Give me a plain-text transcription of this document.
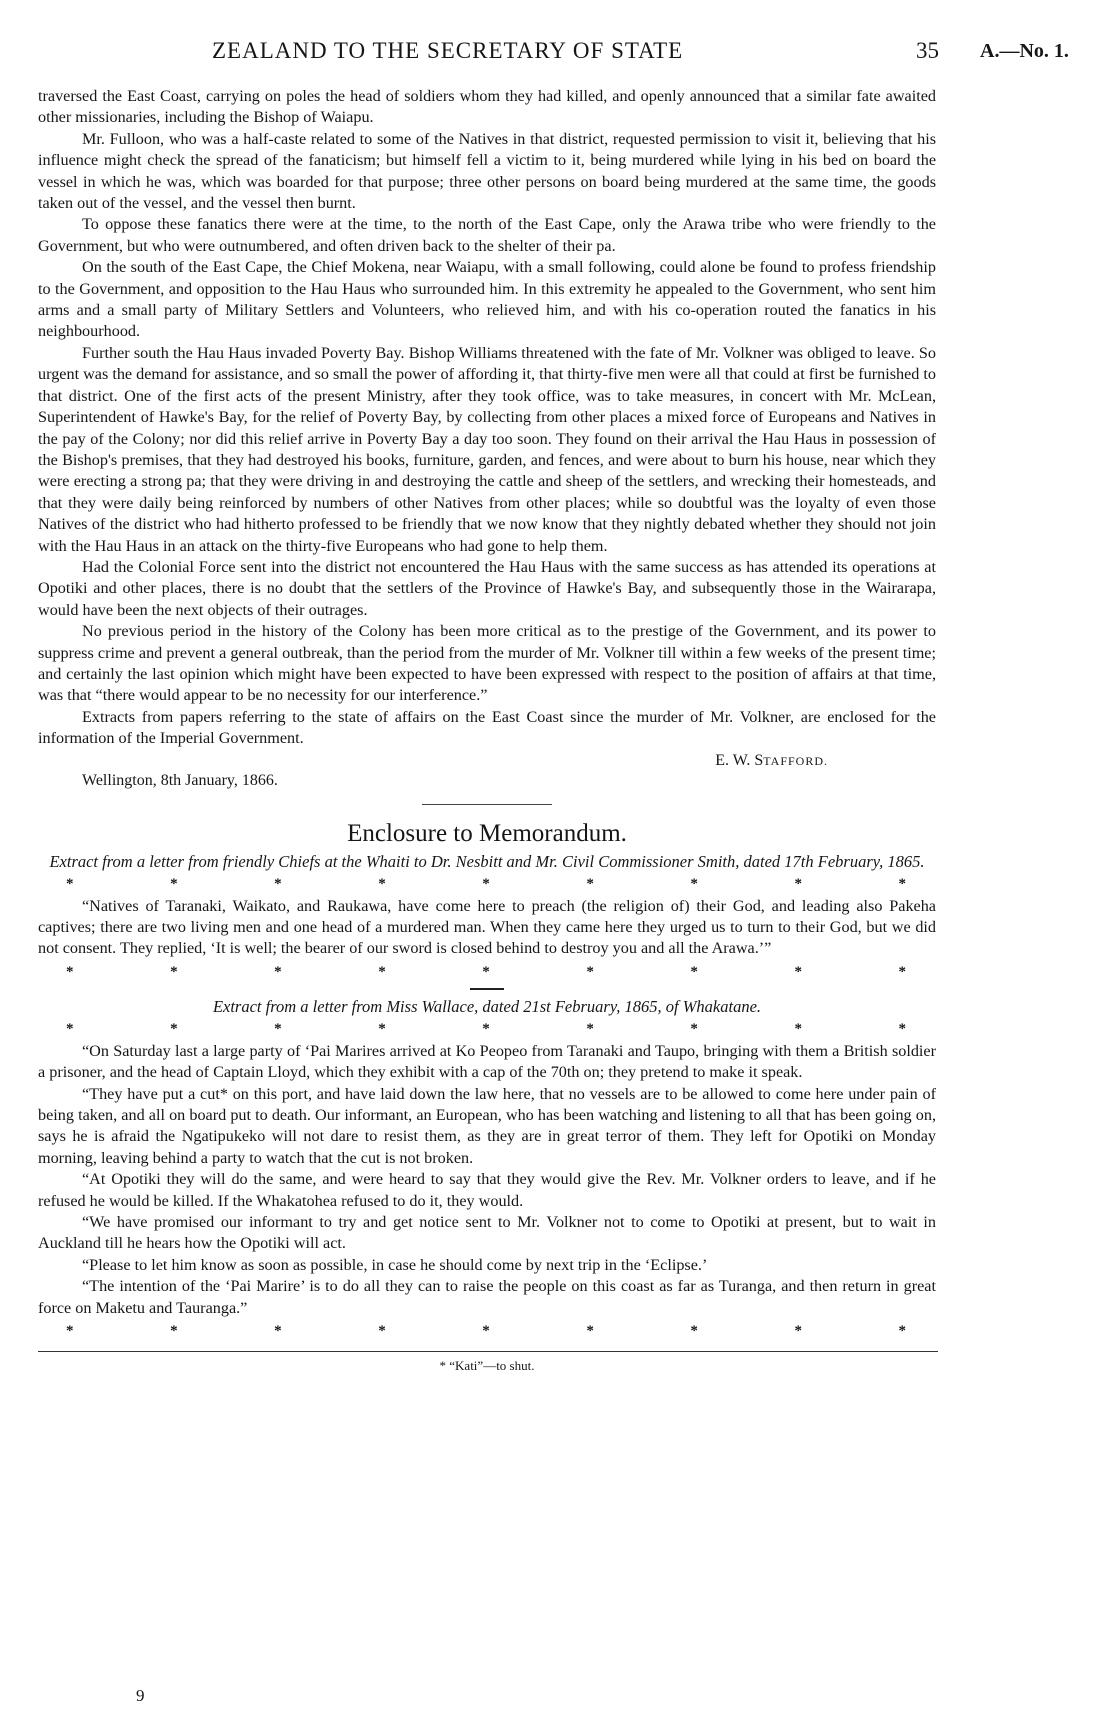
ZEALAND TO THE SECRETARY OF STATE	35 A.—No. 1.

traversed the East Coast, carrying on poles the head of soldiers whom they had killed, and openly announced that a similar fate awaited other missionaries, including the Bishop of Waiapu.

Mr. Fulloon, who was a half-caste related to some of the Natives in that district, requested permission to visit it, believing that his influence might check the spread of the fanaticism; but himself fell a victim to it, being murdered while lying in his bed on board the vessel in which he was, which was boarded for that purpose; three other persons on board being murdered at the same time, the goods taken out of the vessel, and the vessel then burnt.

To oppose these fanatics there were at the time, to the north of the East Cape, only the Arawa tribe who were friendly to the Government, but who were outnumbered, and often driven back to the shelter of their pa.

On the south of the East Cape, the Chief Mokena, near Waiapu, with a small following, could alone be found to profess friendship to the Government, and opposition to the Hau Haus who surrounded him. In this extremity he appealed to the Government, who sent him arms and a small party of Military Settlers and Volunteers, who relieved him, and with his co-operation routed the fanatics in his neighbourhood.

Further south the Hau Haus invaded Poverty Bay. Bishop Williams threatened with the fate of Mr. Volkner was obliged to leave. So urgent was the demand for assistance, and so small the power of affording it, that thirty-five men were all that could at first be furnished to that district. One of the first acts of the present Ministry, after they took office, was to take measures, in concert with Mr. McLean, Superintendent of Hawke's Bay, for the relief of Poverty Bay, by collecting from other places a mixed force of Europeans and Natives in the pay of the Colony; nor did this relief arrive in Poverty Bay a day too soon. They found on their arrival the Hau Haus in possession of the Bishop's premises, that they had destroyed his books, furniture, garden, and fences, and were about to burn his house, near which they were erecting a strong pa; that they were driving in and destroying the cattle and sheep of the settlers, and wrecking their homesteads, and that they were daily being reinforced by numbers of other Natives from other places; while so doubtful was the loyalty of even those Natives of the district who had hitherto professed to be friendly that we now know that they nightly debated whether they should not join with the Hau Haus in an attack on the thirty-five Europeans who had gone to help them.

Had the Colonial Force sent into the district not encountered the Hau Haus with the same success as has attended its operations at Opotiki and other places, there is no doubt that the settlers of the Province of Hawke's Bay, and subsequently those in the Wairarapa, would have been the next objects of their outrages.

No previous period in the history of the Colony has been more critical as to the prestige of the Government, and its power to suppress crime and prevent a general outbreak, than the period from the murder of Mr. Volkner till within a few weeks of the present time; and certainly the last opinion which might have been expected to have been expressed with respect to the position of affairs at that time, was that “there would appear to be no necessity for our interference.”

Extracts from papers referring to the state of affairs on the East Coast since the murder of Mr. Volkner, are enclosed for the information of the Imperial Government.

E. W. STAFFORD.
Wellington, 8th January, 1866.
Enclosure to Memorandum.
Extract from a letter from friendly Chiefs at the Whaiti to Dr. Nesbitt and Mr. Civil Commissioner Smith, dated 17th February, 1865.
*	*	*	*	*	*	*	*	*

“Natives of Taranaki, Waikato, and Raukawa, have come here to preach (the religion of) their God, and leading also Pakeha captives; there are two living men and one head of a murdered man. When they came here they urged us to turn to their God, but we did not consent. They replied, ‘It is well; the bearer of our sword is closed behind to destroy you and all the Arawa.’”

*	*	*	*	*	*	*	*	*
Extract from a letter from Miss Wallace, dated 21st February, 1865, of Whakatane.
*	*	*	*	*	*	*	*	*

“On Saturday last a large party of ‘Pai Marires arrived at Ko Peopeo from Taranaki and Taupo, bringing with them a British soldier a prisoner, and the head of Captain Lloyd, which they exhibit with a cap of the 70th on; they pretend to make it speak.

“They have put a cut* on this port, and have laid down the law here, that no vessels are to be allowed to come here under pain of being taken, and all on board put to death. Our informant, an European, who has been watching and listening to all that has been going on, says he is afraid the Ngatipukeko will not dare to resist them, as they are in great terror of them. They left for Opotiki on Monday morning, leaving behind a party to watch that the cut is not broken.

“At Opotiki they will do the same, and were heard to say that they would give the Rev. Mr. Volkner orders to leave, and if he refused he would be killed. If the Whakatohea refused to do it, they would.

“We have promised our informant to try and get notice sent to Mr. Volkner not to come to Opotiki at present, but to wait in Auckland till he hears how the Opotiki will act.

“Please to let him know as soon as possible, in case he should come by next trip in the ‘Eclipse.’

“The intention of the ‘Pai Marire’ is to do all they can to raise the people on this coast as far as Turanga, and then return in great force on Maketu and Tauranga.”

*	*	*	*	*	*	*	*	*
* “Kati”—to shut.
9
